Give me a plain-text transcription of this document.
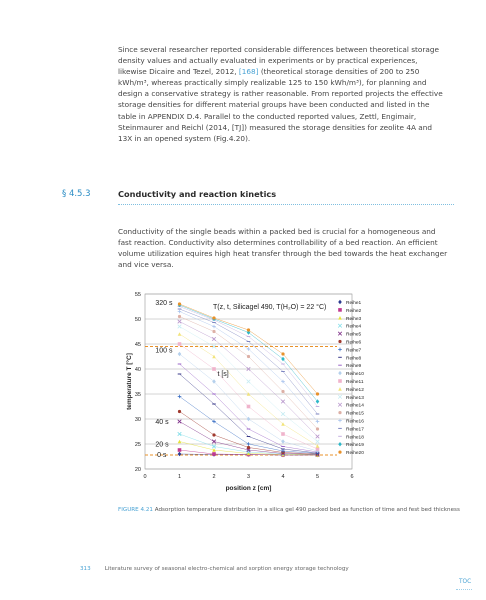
Since several researcher reported considerable differences between theoretical storage density values and actually evaluated in experiments or by practical experiences, likewise Dicaire and Tezel, 2012, [168] (theoretical storage densities of 200 to 250 kWh/m³, whereas practically simply realizable 125 to 150 kWh/m³), for planning and design a conservative strategy is rather reasonable. From reported projects the effective storage densities for different material groups have been conducted and listed in the table in APPENDIX D.4. Parallel to the conducted reported values, Zettl, Engimair, Steinmaurer and Reichl (2014, [TJ]) measured the storage densities for zeolite 4A and 13X in an opened system (Fig.4.20).

§ 4.5.3	Conductivity and reaction kinetics

Conductivity of the single beads within a packed bed is crucial for a homogeneous and fast reaction. Conductivity also determines controllability of a bed reaction. An efficient volume utilization equires high heat transfer through the bed towards the heat exchanger and vice versa.

20
25
30
35
40
45
50
55
0	1	2	3	4	5	6
320 s
100 s
t [s]
40 s
20 s
0 s
T(z, t, Silicagel 490, T(H₂O) = 22 °C)
position z [cm]
temperature T [°C]
Reihe1
Reihe2
Reihe3
Reihe4
Reihe5
Reihe6
Reihe7
Reihe8
Reihe9
Reihe10
Reihe11
Reihe12
Reihe13
Reihe14
Reihe15
Reihe16
Reihe17
Reihe18
Reihe19
Reihe20
FIGURE 4.21 Adsorption temperature distribution in a silica gel 490 packed bed as function of time and fest bed thickness
313	Literature survey of seasonal electro-chemical and sorption energy storage technology
TOC
